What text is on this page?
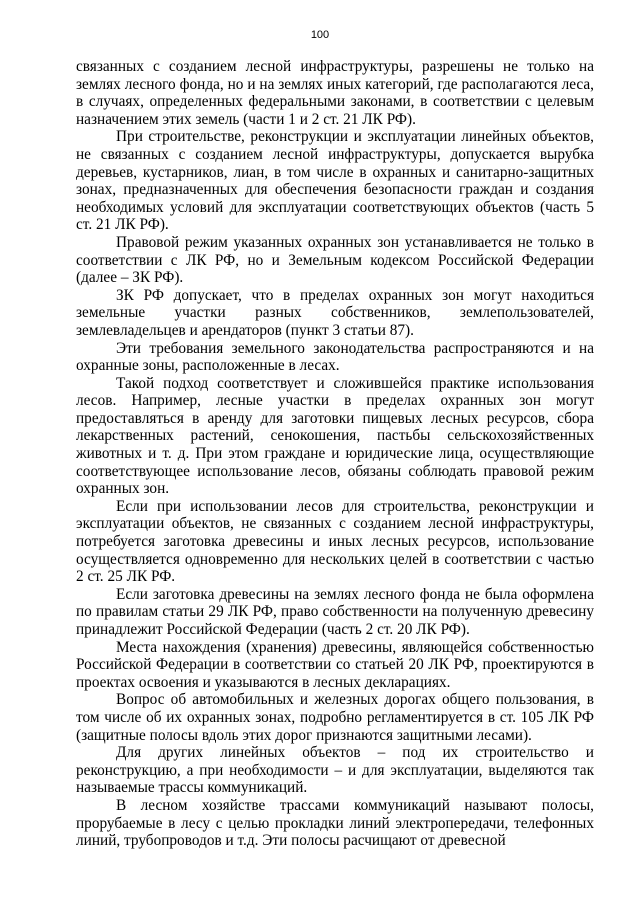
100

связанных с созданием лесной инфраструктуры, разрешены не только на землях лесного фонда, но и на землях иных категорий, где располагаются леса, в случаях, определенных федеральными законами, в соответствии с целевым назначением этих земель (части 1 и 2 ст. 21 ЛК РФ).

При строительстве, реконструкции и эксплуатации линейных объектов, не связанных с созданием лесной инфраструктуры, допускается вырубка деревьев, кустарников, лиан, в том числе в охранных и санитарно-защитных зонах, предназначенных для обеспечения безопасности граждан и создания необходимых условий для эксплуатации соответствующих объектов (часть 5 ст. 21 ЛК РФ).

Правовой режим указанных охранных зон устанавливается не только в соответствии с ЛК РФ, но и Земельным кодексом Российской Федерации (далее – ЗК РФ).

ЗК РФ допускает, что в пределах охранных зон могут находиться земельные участки разных собственников, землепользователей, землевладельцев и арендаторов (пункт 3 статьи 87).

Эти требования земельного законодательства распространяются и на охранные зоны, расположенные в лесах.

Такой подход соответствует и сложившейся практике использования лесов. Например, лесные участки в пределах охранных зон могут предоставляться в аренду для заготовки пищевых лесных ресурсов, сбора лекарственных растений, сенокошения, пастьбы сельскохозяйственных животных и т. д. При этом граждане и юридические лица, осуществляющие соответствующее использование лесов, обязаны соблюдать правовой режим охранных зон.

Если при использовании лесов для строительства, реконструкции и эксплуатации объектов, не связанных с созданием лесной инфраструктуры, потребуется заготовка древесины и иных лесных ресурсов, использование осуществляется одновременно для нескольких целей в соответствии с частью 2 ст. 25 ЛК РФ.

Если заготовка древесины на землях лесного фонда не была оформлена по правилам статьи 29 ЛК РФ, право собственности на полученную древесину принадлежит Российской Федерации (часть 2 ст. 20 ЛК РФ).

Места нахождения (хранения) древесины, являющейся собственностью Российской Федерации в соответствии со статьей 20 ЛК РФ, проектируются в проектах освоения и указываются в лесных декларациях.

Вопрос об автомобильных и железных дорогах общего пользования, в том числе об их охранных зонах, подробно регламентируется в ст. 105 ЛК РФ (защитные полосы вдоль этих дорог признаются защитными лесами).

Для других линейных объектов – под их строительство и реконструкцию, а при необходимости – и для эксплуатации, выделяются так называемые трассы коммуникаций.

В лесном хозяйстве трассами коммуникаций называют полосы, прорубаемые в лесу с целью прокладки линий электропередачи, телефонных линий, трубопроводов и т.д. Эти полосы расчищают от древесной
